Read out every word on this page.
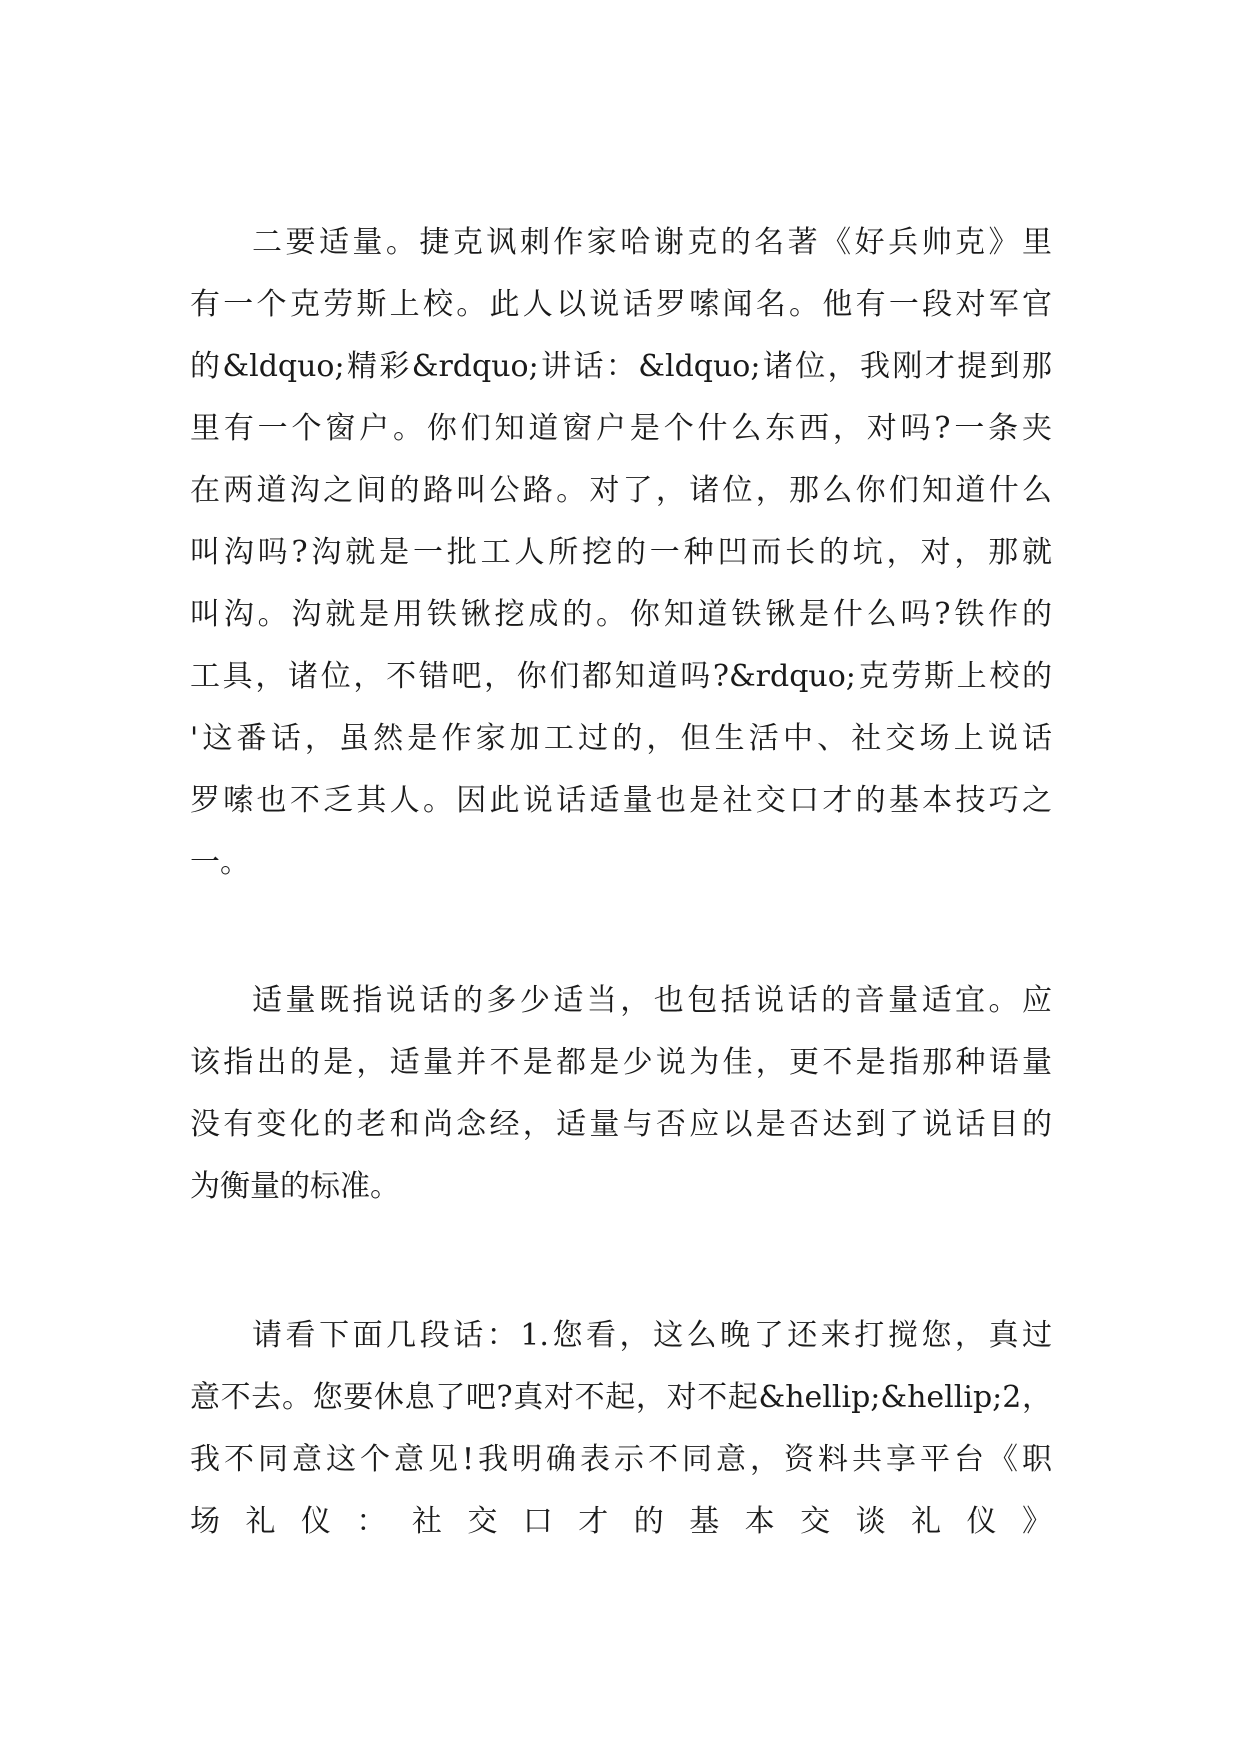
二要适量。捷克讽刺作家哈谢克的名著《好兵帅克》里
有一个克劳斯上校。此人以说话罗嗦闻名。他有一段对军官
的&ldquo;精彩&rdquo;讲话：&ldquo;诸位，我刚才提到那
里有一个窗户。你们知道窗户是个什么东西，对吗?一条夹
在两道沟之间的路叫公路。对了，诸位，那么你们知道什么
叫沟吗?沟就是一批工人所挖的一种凹而长的坑，对，那就
叫沟。沟就是用铁锹挖成的。你知道铁锹是什么吗?铁作的
工具，诸位，不错吧，你们都知道吗?&rdquo;克劳斯上校的
'这番话，虽然是作家加工过的，但生活中、社交场上说话
罗嗦也不乏其人。因此说话适量也是社交口才的基本技巧之
一。
适量既指说话的多少适当，也包括说话的音量适宜。应
该指出的是，适量并不是都是少说为佳，更不是指那种语量
没有变化的老和尚念经，适量与否应以是否达到了说话目的
为衡量的标准。
请看下面几段话：1.您看，这么晚了还来打搅您，真过
意不去。您要休息了吧?真对不起，对不起&hellip;&hellip;2，
我不同意这个意见!我明确表示不同意，资料共享平台《职
场礼仪：社交口才的基本交谈礼仪》
